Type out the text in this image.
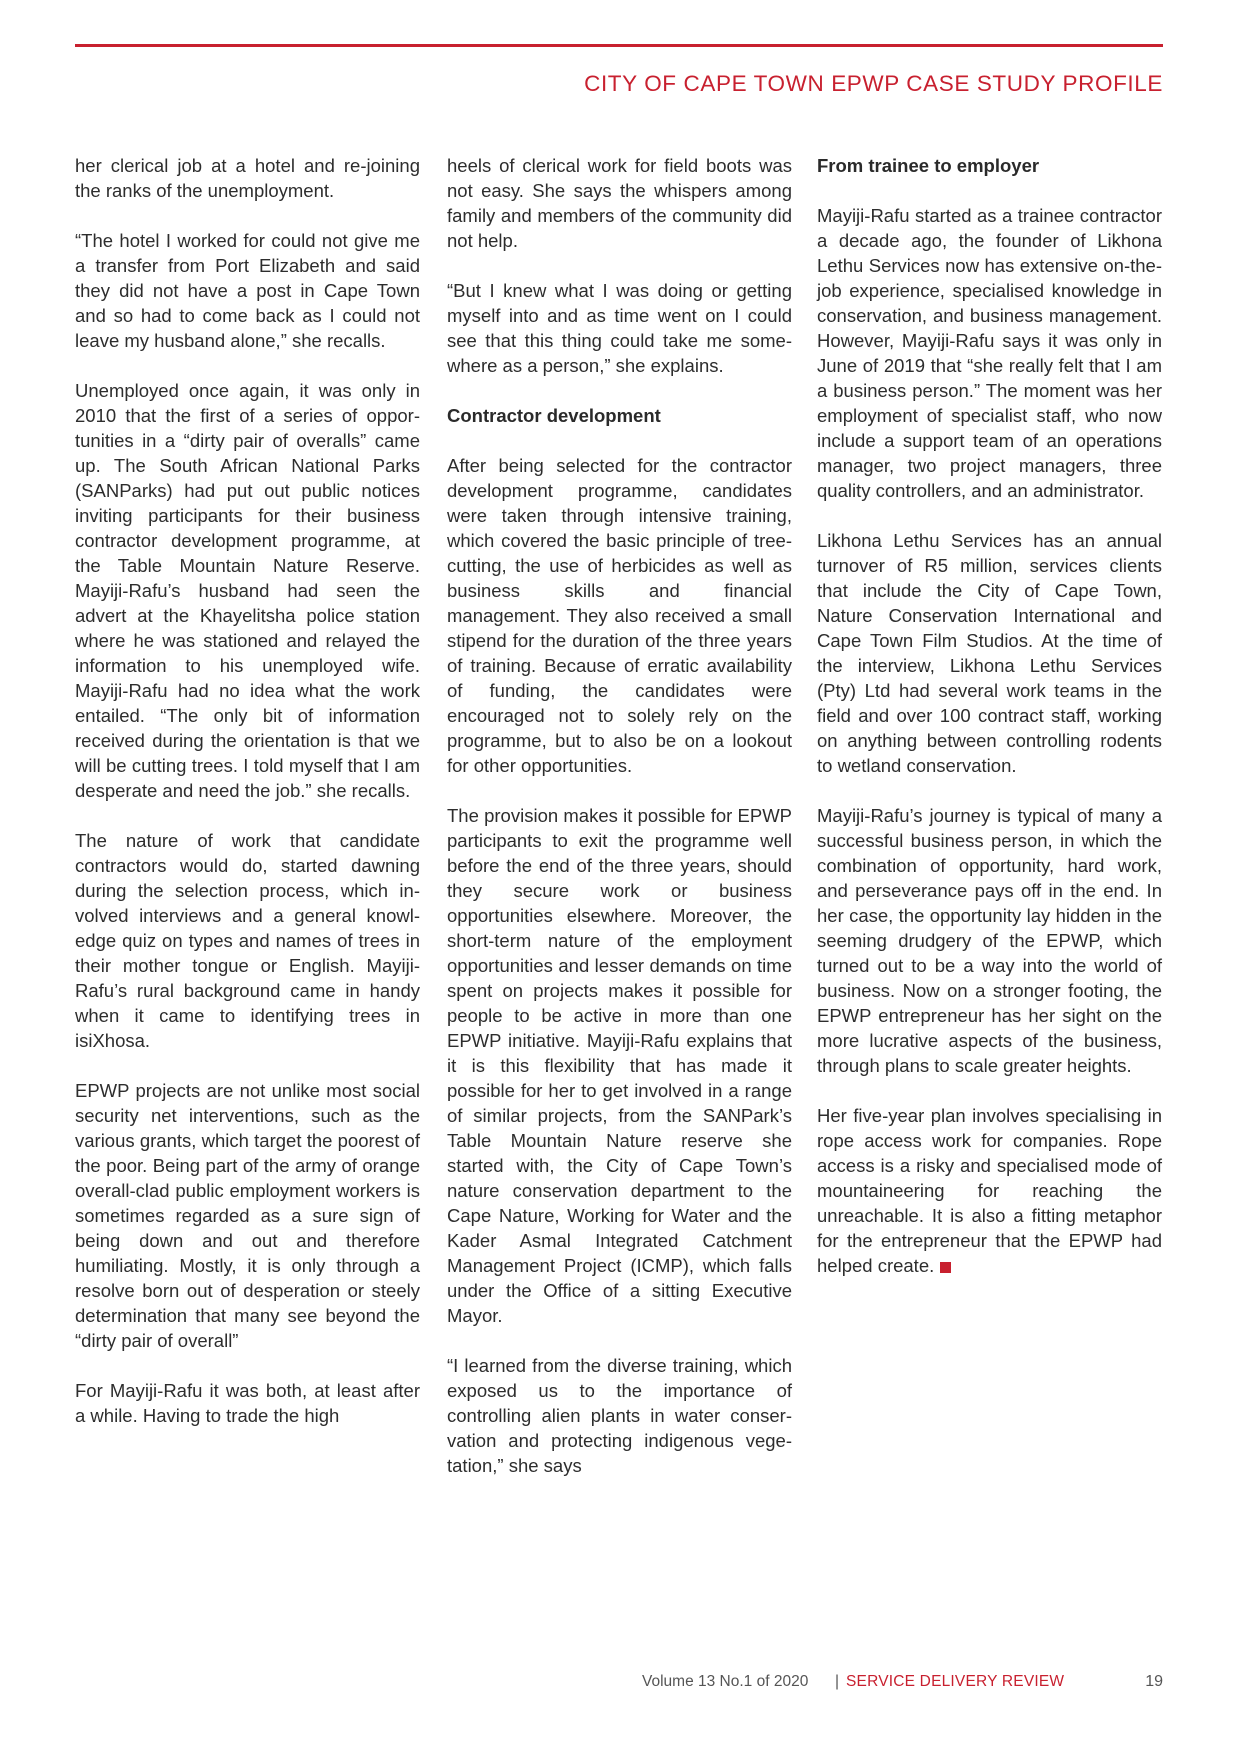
CITY OF CAPE TOWN EPWP CASE STUDY PROFILE

her clerical job at a hotel and re-joining the ranks of the unemployment.

“The hotel I worked for could not give me a transfer from Port Elizabeth and said they did not have a post in Cape Town and so had to come back as I could not leave my husband alone,” she recalls.

Unemployed once again, it was only in 2010 that the first of a series of opportunities in a “dirty pair of overalls” came up. The South African National Parks (SANParks) had put out public notices inviting participants for their business contractor development programme, at the Table Mountain Nature Reserve. Mayiji-Rafu’s husband had seen the advert at the Khayelitsha police station where he was stationed and relayed the information to his unemployed wife. Mayiji-Rafu had no idea what the work entailed. “The only bit of information received during the orientation is that we will be cutting trees. I told myself that I am desperate and need the job.” she recalls.

The nature of work that candidate contractors would do, started dawning during the selection process, which involved interviews and a general knowledge quiz on types and names of trees in their mother tongue or English. Mayiji-Rafu’s rural background came in handy when it came to identifying trees in isiXhosa.

EPWP projects are not unlike most social security net interventions, such as the various grants, which target the poorest of the poor. Being part of the army of orange overall-clad public employment workers is sometimes regarded as a sure sign of being down and out and therefore humiliating. Mostly, it is only through a resolve born out of desperation or steely determination that many see beyond the “dirty pair of overall”

For Mayiji-Rafu it was both, at least after a while. Having to trade the high

heels of clerical work for field boots was not easy. She says the whispers among family and members of the community did not help.

“But I knew what I was doing or getting myself into and as time went on I could see that this thing could take me somewhere as a person,” she explains.

Contractor development

After being selected for the contractor development programme, candidates were taken through intensive training, which covered the basic principle of tree-cutting, the use of herbicides as well as business skills and financial management. They also received a small stipend for the duration of the three years of training. Because of erratic availability of funding, the candidates were encouraged not to solely rely on the programme, but to also be on a lookout for other opportunities.

The provision makes it possible for EPWP participants to exit the programme well before the end of the three years, should they secure work or business opportunities elsewhere. Moreover, the short-term nature of the employment opportunities and lesser demands on time spent on projects makes it possible for people to be active in more than one EPWP initiative. Mayiji-Rafu explains that it is this flexibility that has made it possible for her to get involved in a range of similar projects, from the SANPark’s Table Mountain Nature reserve she started with, the City of Cape Town’s nature conservation department to the Cape Nature, Working for Water and the Kader Asmal Integrated Catchment Management Project (ICMP), which falls under the Office of a sitting Executive Mayor.

“I learned from the diverse training, which exposed us to the importance of controlling alien plants in water conservation and protecting indigenous vegetation,” she says

From trainee to employer

Mayiji-Rafu started as a trainee contractor a decade ago, the founder of Likhona Lethu Services now has extensive on-the-job experience, specialised knowledge in conservation, and business management. However, Mayiji-Rafu says it was only in June of 2019 that “she really felt that I am a business person.” The moment was her employment of specialist staff, who now include a support team of an operations manager, two project managers, three quality controllers, and an administrator.

Likhona Lethu Services has an annual turnover of R5 million, services clients that include the City of Cape Town, Nature Conservation International and Cape Town Film Studios. At the time of the interview, Likhona Lethu Services (Pty) Ltd had several work teams in the field and over 100 contract staff, working on anything between controlling rodents to wetland conservation.

Mayiji-Rafu’s journey is typical of many a successful business person, in which the combination of opportunity, hard work, and perseverance pays off in the end. In her case, the opportunity lay hidden in the seeming drudgery of the EPWP, which turned out to be a way into the world of business. Now on a stronger footing, the EPWP entrepreneur has her sight on the more lucrative aspects of the business, through plans to scale greater heights.

Her five-year plan involves specialising in rope access work for companies. Rope access is a risky and specialised mode of mountaineering for reaching the unreachable. It is also a fitting metaphor for the entrepreneur that the EPWP had helped create.

Volume 13 No.1 of 2020 | SERVICE DELIVERY REVIEW	19
